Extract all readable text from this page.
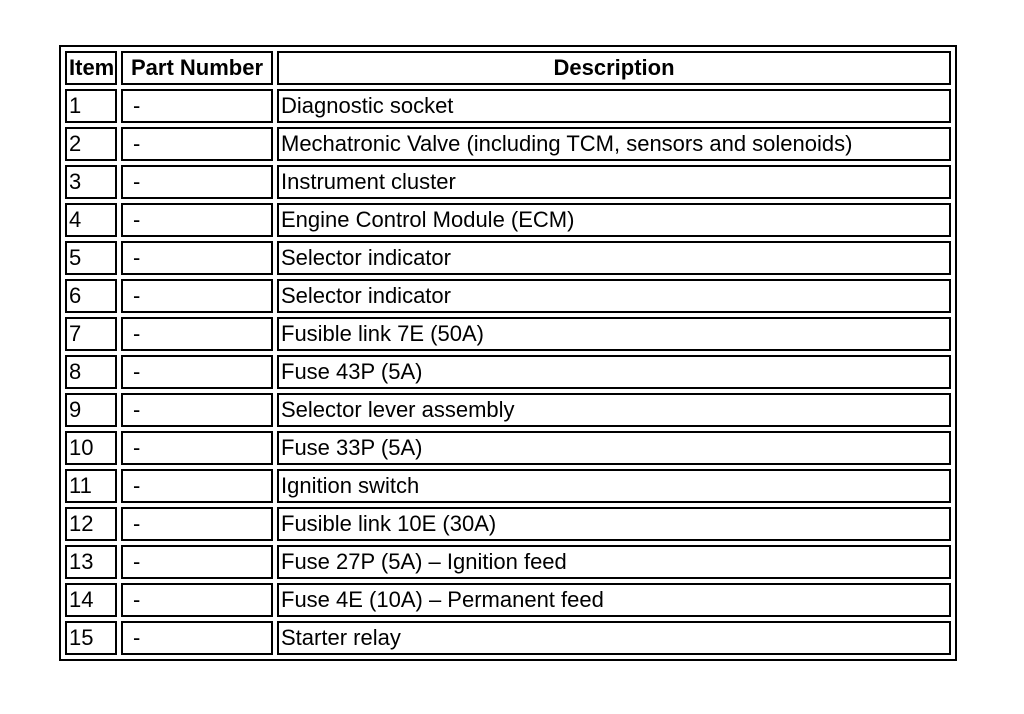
Item	Part Number	Description
1	-	Diagnostic socket
2	-	Mechatronic Valve (including TCM, sensors and solenoids)
3	-	Instrument cluster
4	-	Engine Control Module (ECM)
5	-	Selector indicator
6	-	Selector indicator
7	-	Fusible link 7E (50A)
8	-	Fuse 43P (5A)
9	-	Selector lever assembly
10	-	Fuse 33P (5A)
11	-	Ignition switch
12	-	Fusible link 10E (30A)
13	-	Fuse 27P (5A) – Ignition feed
14	-	Fuse 4E (10A) – Permanent feed
15	-	Starter relay
